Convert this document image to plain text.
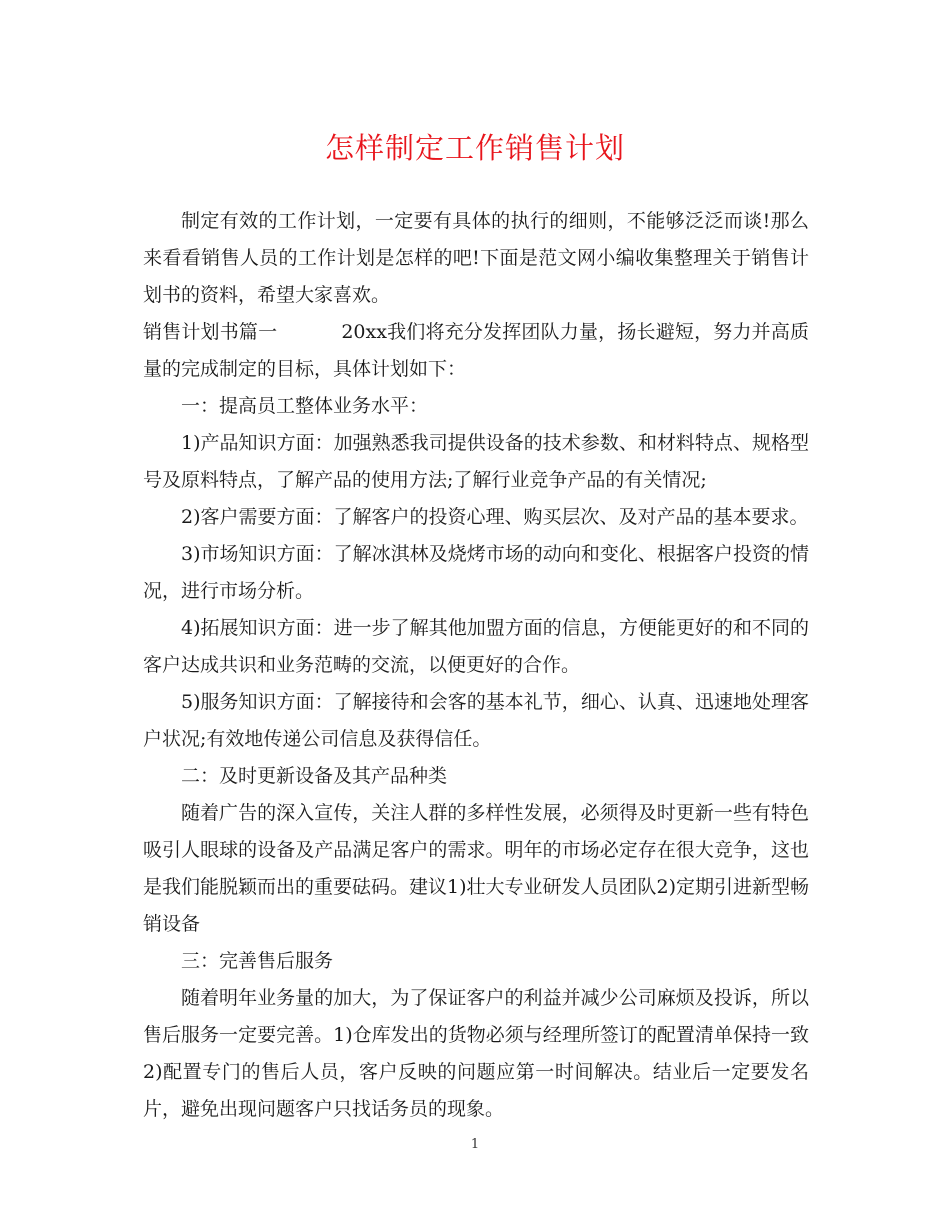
怎样制定工作销售计划

制定有效的工作计划，一定要有具体的执行的细则，不能够泛泛而谈!那么来看看销售人员的工作计划是怎样的吧!下面是范文网小编收集整理关于销售计划书的资料，希望大家喜欢。

销售计划书篇一	20xx我们将充分发挥团队力量，扬长避短，努力并高质量的完成制定的目标，具体计划如下：

一：提高员工整体业务水平：

1)产品知识方面：加强熟悉我司提供设备的技术参数、和材料特点、规格型号及原料特点，了解产品的使用方法;了解行业竞争产品的有关情况;

2)客户需要方面：了解客户的投资心理、购买层次、及对产品的基本要求。

3)市场知识方面：了解冰淇林及烧烤市场的动向和变化、根据客户投资的情况，进行市场分析。

4)拓展知识方面：进一步了解其他加盟方面的信息，方便能更好的和不同的客户达成共识和业务范畴的交流，以便更好的合作。

5)服务知识方面：了解接待和会客的基本礼节，细心、认真、迅速地处理客户状况;有效地传递公司信息及获得信任。

二：及时更新设备及其产品种类

随着广告的深入宣传，关注人群的多样性发展，必须得及时更新一些有特色吸引人眼球的设备及产品满足客户的需求。明年的市场必定存在很大竞争，这也是我们能脱颖而出的重要砝码。建议1)壮大专业研发人员团队2)定期引进新型畅销设备

三：完善售后服务

随着明年业务量的加大，为了保证客户的利益并减少公司麻烦及投诉，所以售后服务一定要完善。1)仓库发出的货物必须与经理所签订的配置清单保持一致2)配置专门的售后人员，客户反映的问题应第一时间解决。结业后一定要发名片，避免出现问题客户只找话务员的现象。

1
